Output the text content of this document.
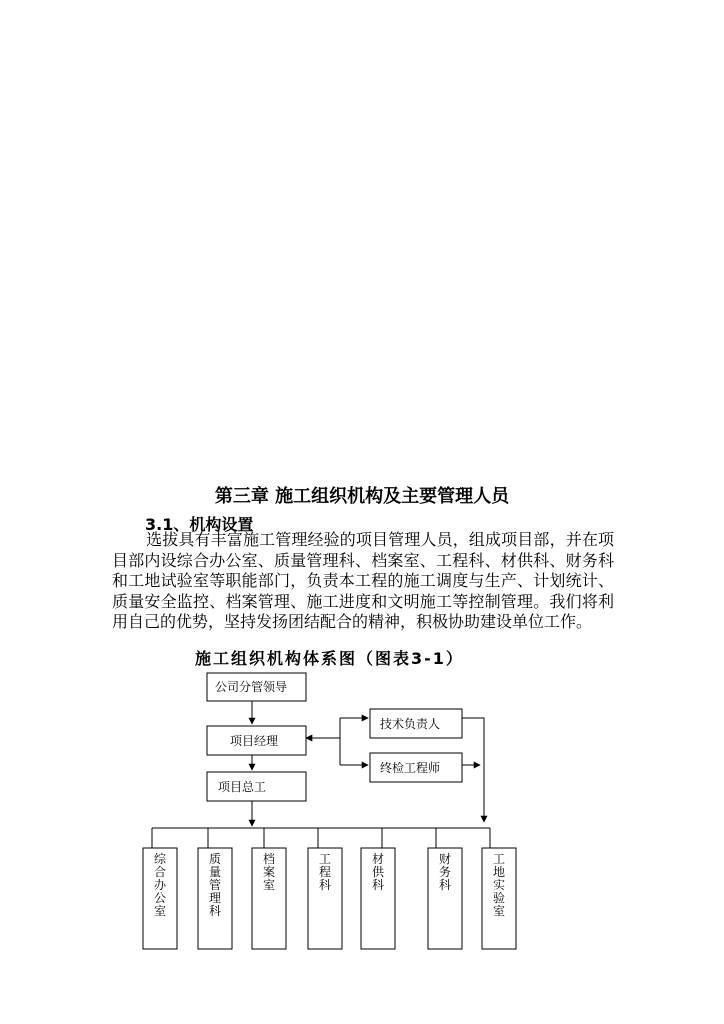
第三章 施工组织机构及主要管理人员
3.1、机构设置
选拔具有丰富施工管理经验的项目管理人员，组成项目部，并在项目部内设综合办公室、质量管理科、档案室、工程科、材供科、财务科和工地试验室等职能部门，负责本工程的施工调度与生产、计划统计、质量安全监控、档案管理、施工进度和文明施工等控制管理。我们将利用自己的优势，坚持发扬团结配合的精神，积极协助建设单位工作。
施工组织机构体系图（图表3-1）
公司分管领导
项目经理
项目总工
技术负责人
终检工程师
综合办公室
质量管理科
档案室
工程科
材供科
财务科
工地实验室
